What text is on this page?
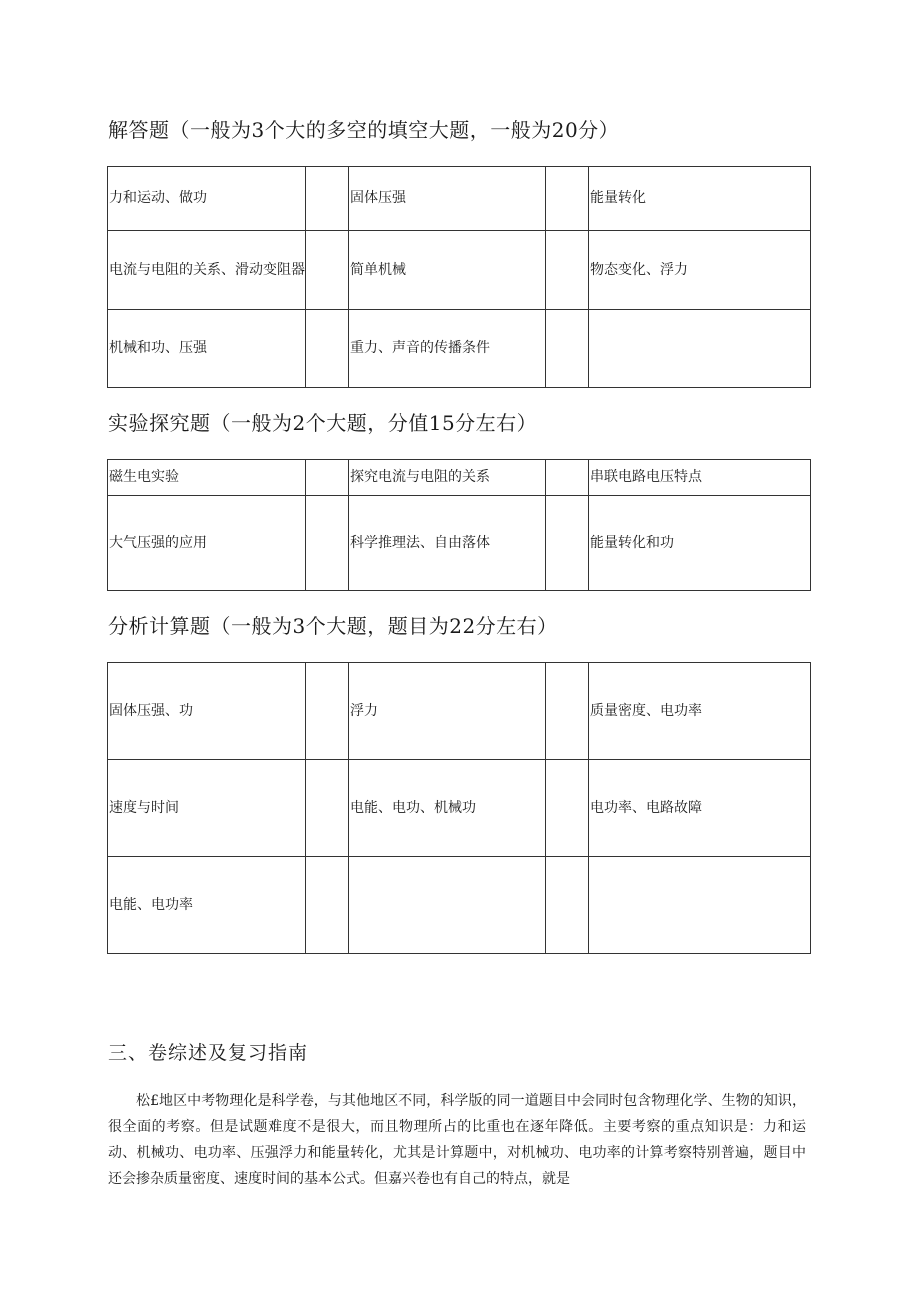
解答题（一般为3个大的多空的填空大题，一般为20分）
力和运动、做功		固体压强		能量转化
电流与电阻的关系、滑动变阻器		简单机械		物态变化、浮力
机械和功、压强		重力、声音的传播条件		
实验探究题（一般为2个大题，分值15分左右）
磁生电实验		探究电流与电阻的关系		串联电路电压特点
大气压强的应用		科学推理法、自由落体		能量转化和功
分析计算题（一般为3个大题，题目为22分左右）
固体压强、功		浮力		质量密度、电功率
速度与时间		电能、电功、机械功		电功率、电路故障
电能、电功率				
三、卷综述及复习指南

松£地区中考物理化是科学卷，与其他地区不同，科学版的同一道题目中会同时包含物理化学、生物的知识，很全面的考察。但是试题难度不是很大，而且物理所占的比重也在逐年降低。主要考察的重点知识是：力和运动、机械功、电功率、压强浮力和能量转化，尤其是计算题中，对机械功、电功率的计算考察特别普遍，题目中还会掺杂质量密度、速度时间的基本公式。但嘉兴卷也有自己的特点，就是
